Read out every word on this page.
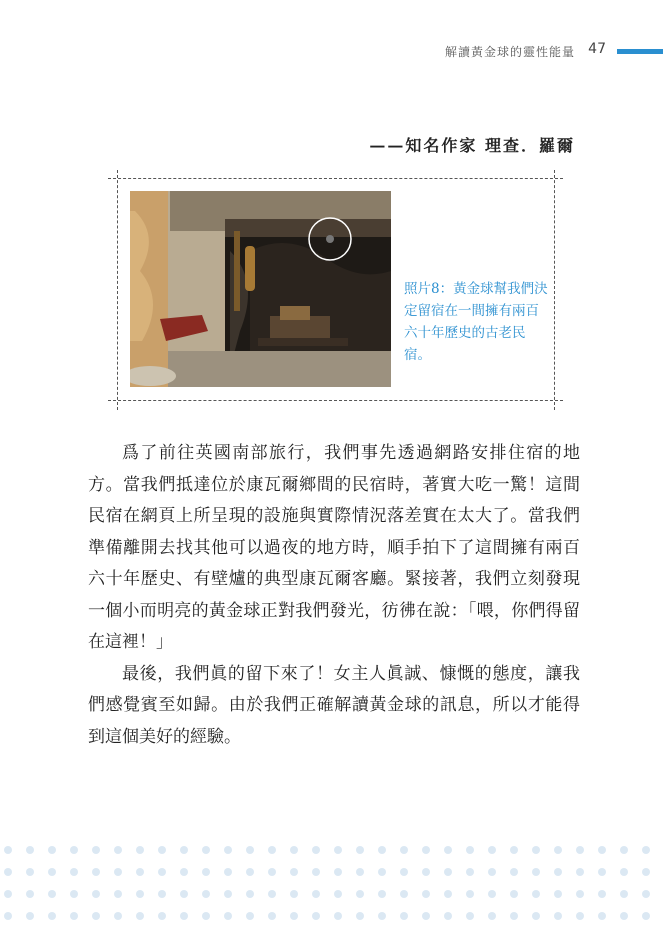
解讀黃金球的靈性能量 47
——知名作家 理查．羅爾
照片8：黃金球幫我們決定留宿在一間擁有兩百六十年歷史的古老民宿。

爲了前往英國南部旅行，我們事先透過網路安排住宿的地方。當我們抵達位於康瓦爾鄉間的民宿時，著實大吃一驚！這間民宿在網頁上所呈現的設施與實際情況落差實在太大了。當我們準備離開去找其他可以過夜的地方時，順手拍下了這間擁有兩百六十年歷史、有壁爐的典型康瓦爾客廳。緊接著，我們立刻發現一個小而明亮的黃金球正對我們發光，彷彿在說：「喂，你們得留在這裡！」

最後，我們眞的留下來了！女主人眞誠、慷慨的態度，讓我們感覺賓至如歸。由於我們正確解讀黃金球的訊息，所以才能得到這個美好的經驗。
